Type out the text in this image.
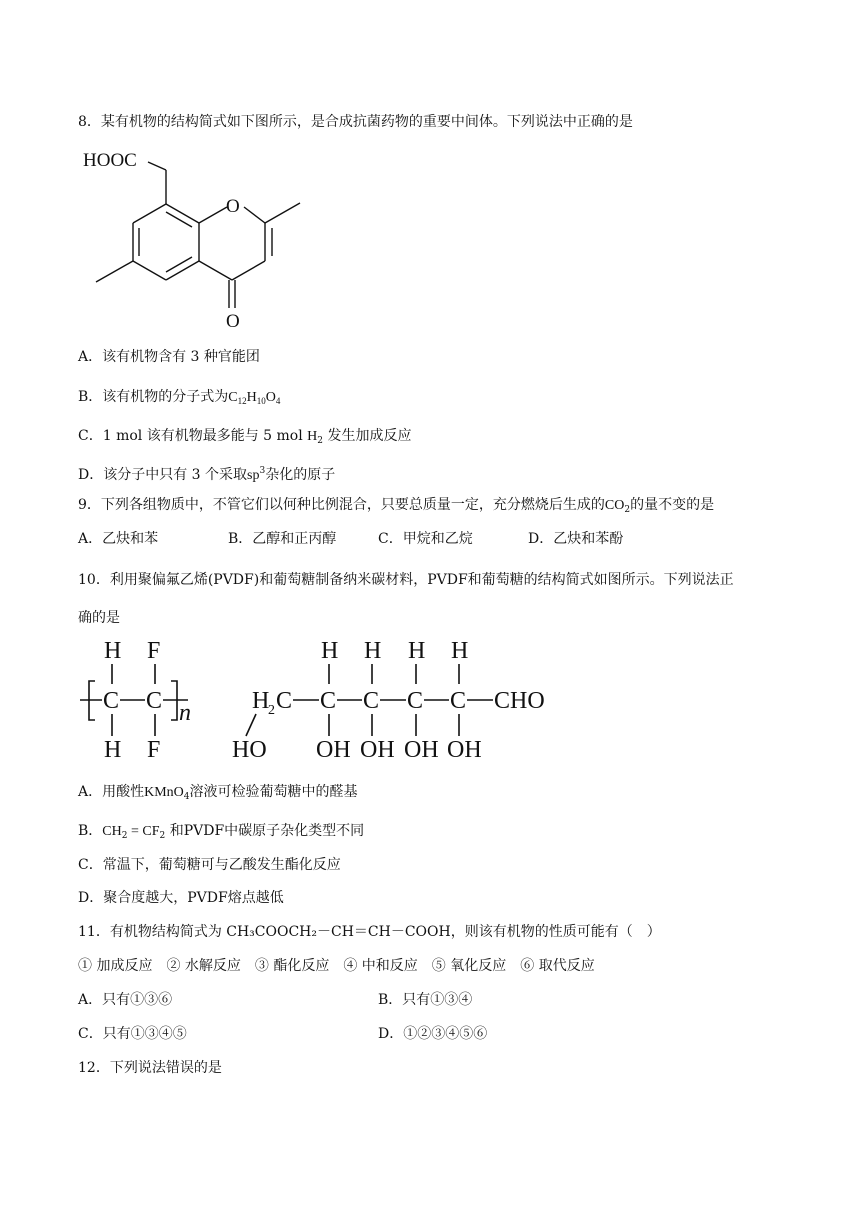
8．某有机物的结构简式如下图所示，是合成抗菌药物的重要中间体。下列说法中正确的是
HOOC
O
O
A．该有机物含有 3 种官能团
B．该有机物的分子式为$C_{12}H_{10}O_4$
C．1 mol 该有机物最多能与 5 mol $H_2$ 发生加成反应
D．该分子中只有 3 个采取$sp^3$杂化的原子
9．下列各组物质中，不管它们以何种比例混合，只要总质量一定，充分燃烧后生成的$CO_2$的量不变的是
A．乙炔和苯	B．乙醇和正丙醇	C．甲烷和乙烷	D．乙炔和苯酚
10．利用聚偏氟乙烯(PVDF)和葡萄糖制备纳米碳材料，PVDF和葡萄糖的结构简式如图所示。下列说法正
确的是
H F
C C
H F
n	H
2 C
HO
H H H H
C C C C CHO
OH OH OH OH
A．用酸性KMnO$_4$溶液可检验葡萄糖中的醛基
B．$CH_2 = CF_2$ 和PVDF中碳原子杂化类型不同
C．常温下，葡萄糖可与乙酸发生酯化反应
D．聚合度越大，PVDF熔点越低
11．有机物结构简式为 CH₃COOCH₂－CH＝CH－COOH，则该有机物的性质可能有（　）
① 加成反应　② 水解反应　③ 酯化反应　④ 中和反应　⑤ 氧化反应　⑥ 取代反应
A．只有①③⑥	B．只有①③④
C．只有①③④⑤	D．①②③④⑤⑥
12．下列说法错误的是
